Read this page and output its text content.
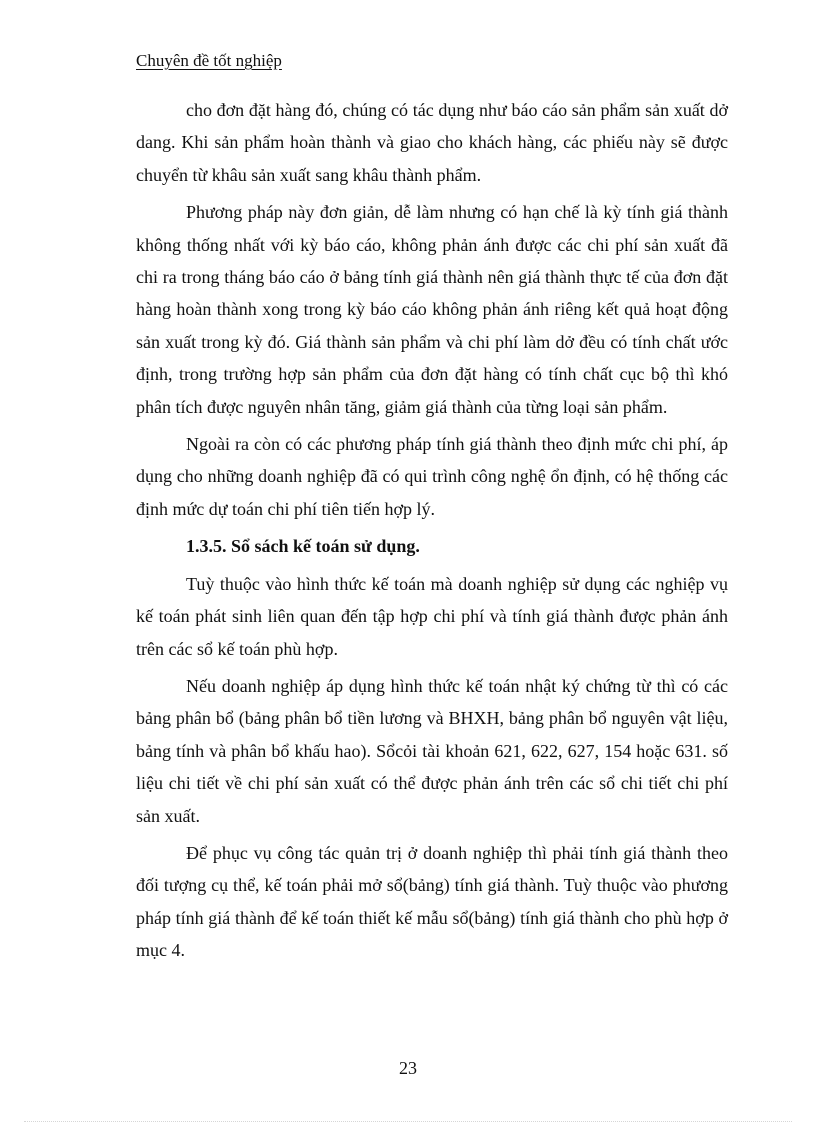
Chuyên đề tốt nghiệp

cho đơn đặt hàng đó, chúng có tác dụng như báo cáo sản phẩm sản xuất dở dang. Khi sản phẩm hoàn thành và giao cho khách hàng, các phiếu này sẽ được chuyển từ khâu sản xuất sang khâu thành phẩm.

Phương pháp này đơn giản, dễ làm nhưng có hạn chế là kỳ tính giá thành không thống nhất với kỳ báo cáo, không phản ánh được các chi phí sản xuất đã chi ra trong tháng báo cáo ở bảng tính giá thành nên giá thành thực tế của đơn đặt hàng hoàn thành xong trong kỳ báo cáo không phản ánh riêng kết quả hoạt động sản xuất trong kỳ đó. Giá thành sản phẩm và chi phí làm dở đều có tính chất ước định, trong trường hợp sản phẩm của đơn đặt hàng có tính chất cục bộ thì khó phân tích được nguyên nhân tăng, giảm giá thành của từng loại sản phẩm.

Ngoài ra còn có các phương pháp tính giá thành theo định mức chi phí, áp dụng cho những doanh nghiệp đã có qui trình công nghệ ổn định, có hệ thống các định mức dự toán chi phí tiên tiến hợp lý.

1.3.5. Sổ sách kế toán sử dụng.

Tuỳ thuộc vào hình thức kế toán mà doanh nghiệp sử dụng các nghiệp vụ kế toán phát sinh liên quan đến tập hợp chi phí và tính giá thành được phản ánh trên các sổ kế toán phù hợp.

Nếu doanh nghiệp áp dụng hình thức kế toán nhật ký chứng từ thì có các bảng phân bổ (bảng phân bổ tiền lương và BHXH, bảng phân bổ nguyên vật liệu, bảng tính và phân bổ khấu hao). Sổcỏi tài khoản 621, 622, 627, 154 hoặc 631. số liệu chi tiết về chi phí sản xuất có thể được phản ánh trên các sổ chi tiết chi phí sản xuất.

Để phục vụ công tác quản trị ở doanh nghiệp thì phải tính giá thành theo đối tượng cụ thể, kế toán phải mở sổ(bảng) tính giá thành. Tuỳ thuộc vào phương pháp tính giá thành để kế toán thiết kế mẫu sổ(bảng) tính giá thành cho phù hợp ở mục 4.

23
